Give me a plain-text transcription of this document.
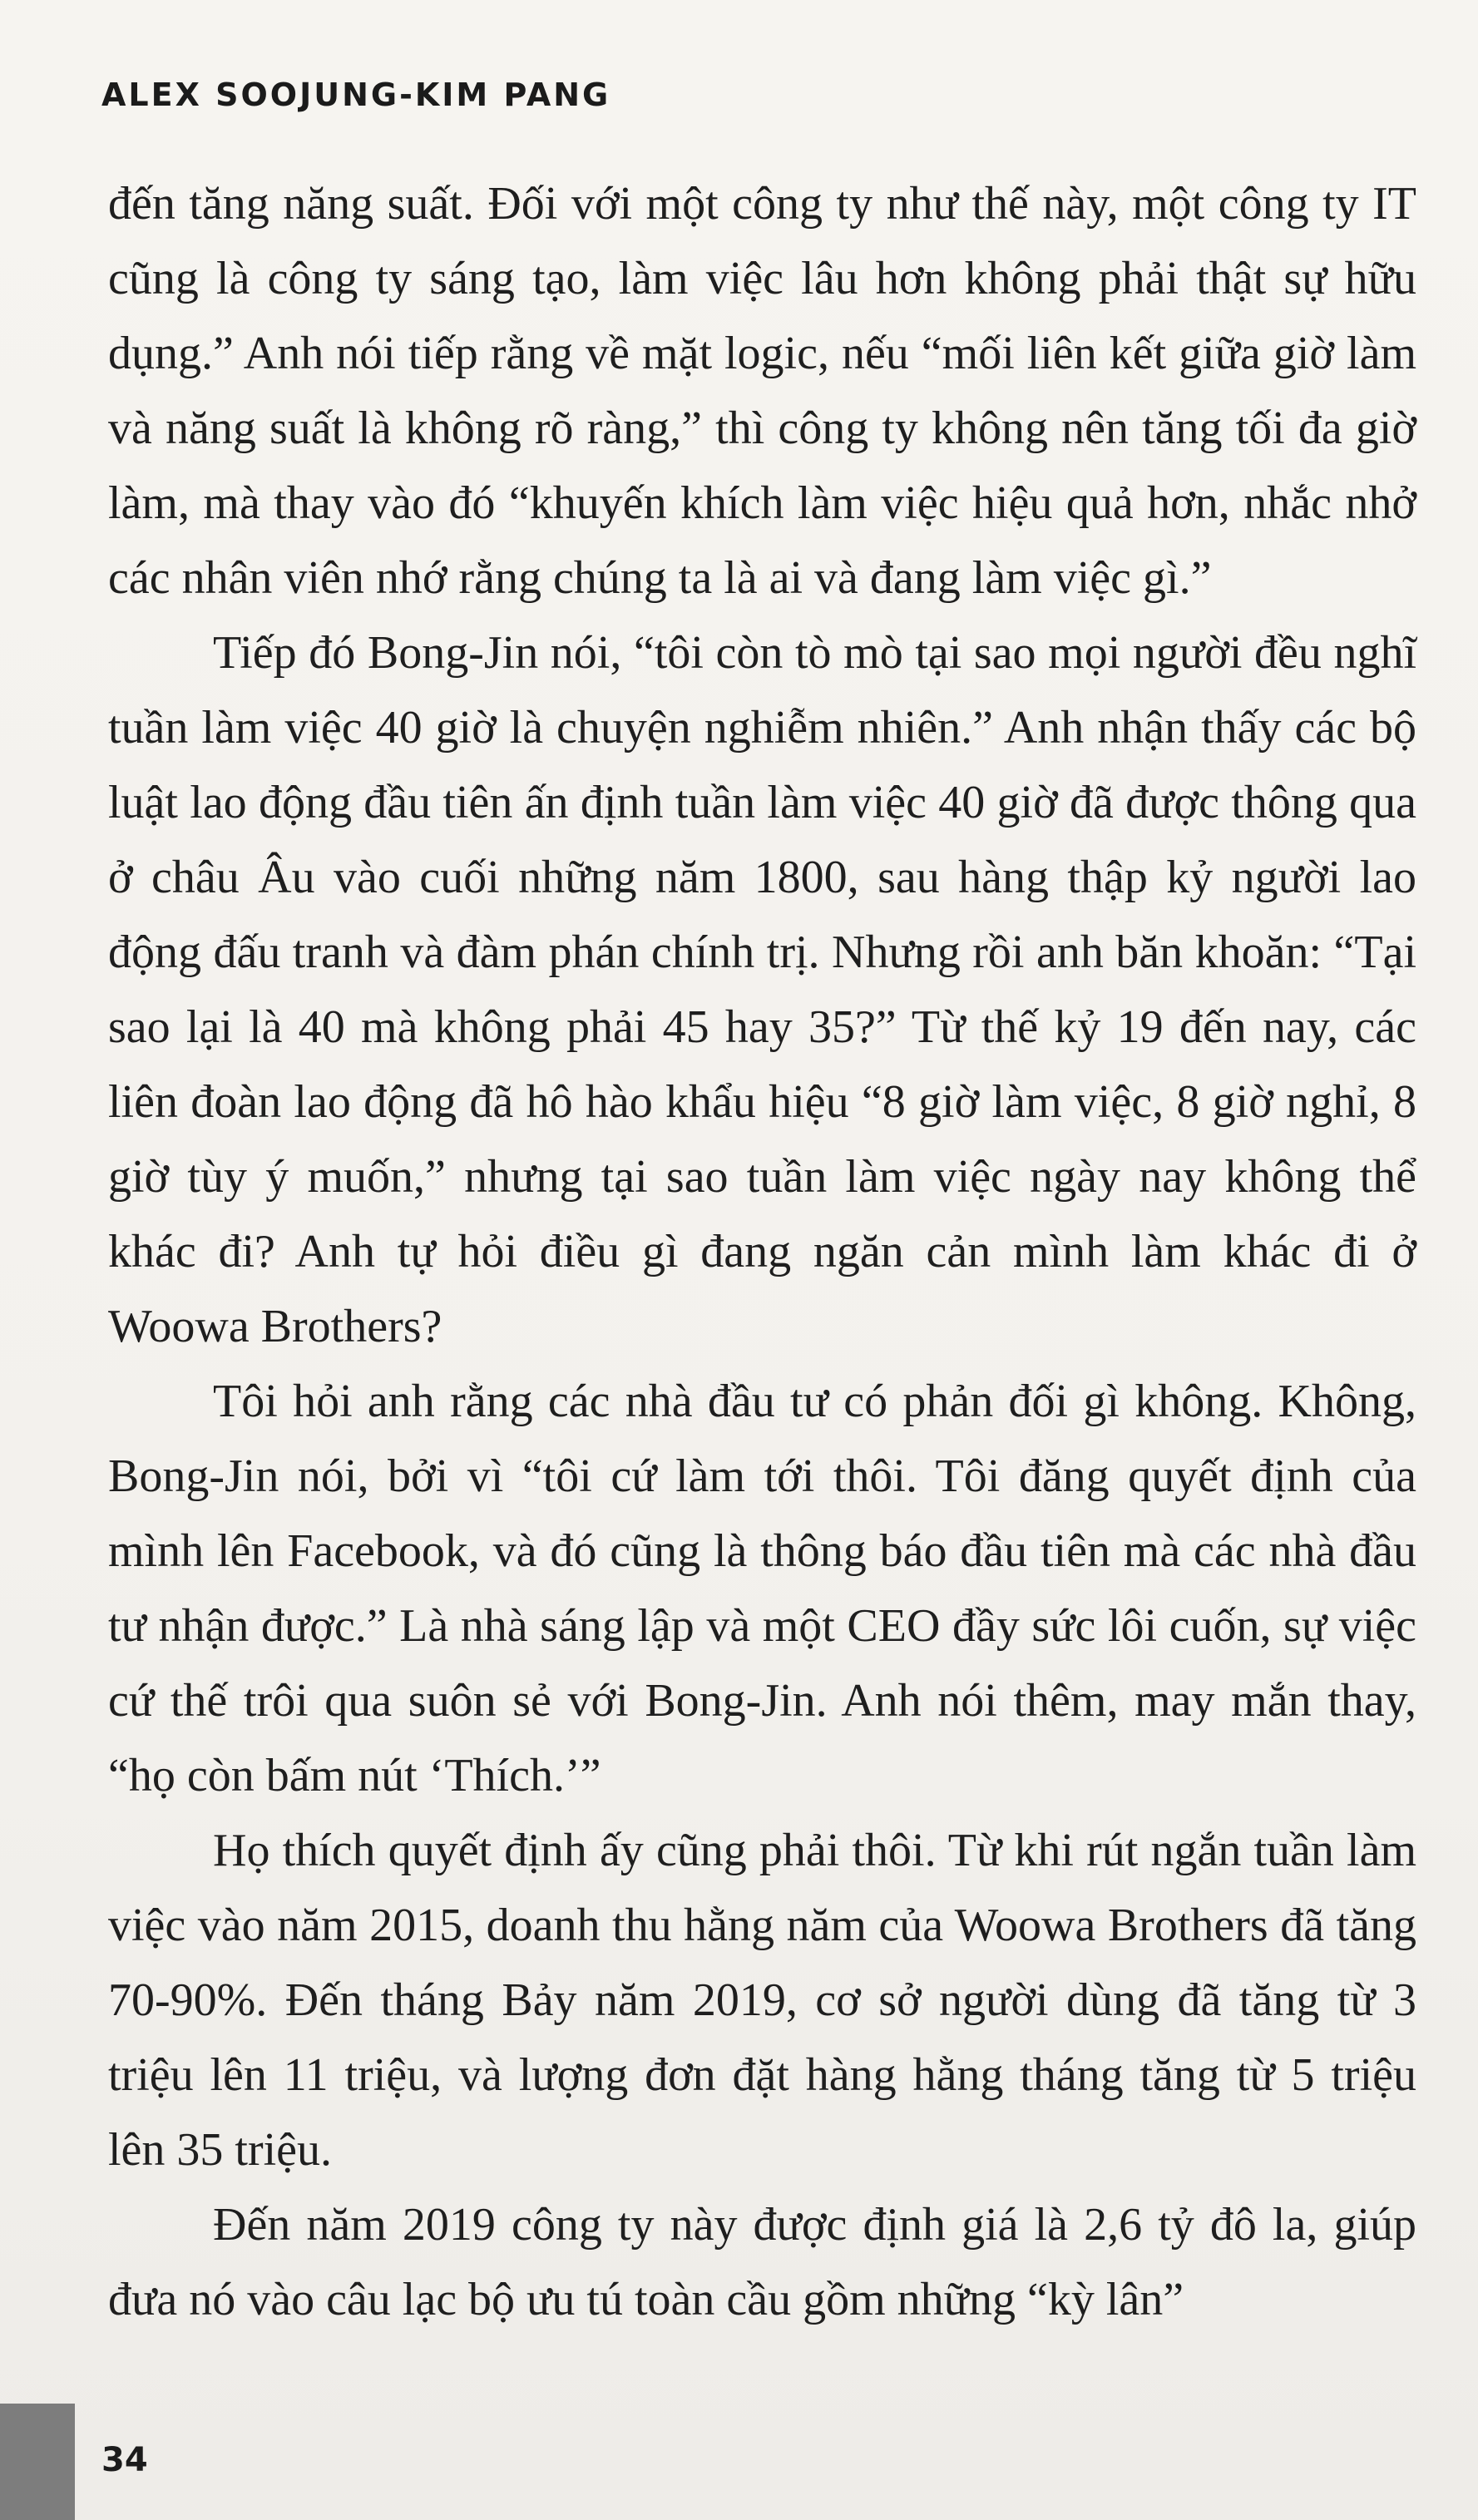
ALEX SOOJUNG-KIM PANG

đến tăng năng suất. Đối với một công ty như thế này, một công ty IT cũng là công ty sáng tạo, làm việc lâu hơn không phải thật sự hữu dụng.” Anh nói tiếp rằng về mặt logic, nếu “mối liên kết giữa giờ làm và năng suất là không rõ ràng,” thì công ty không nên tăng tối đa giờ làm, mà thay vào đó “khuyến khích làm việc hiệu quả hơn, nhắc nhở các nhân viên nhớ rằng chúng ta là ai và đang làm việc gì.”

Tiếp đó Bong-Jin nói, “tôi còn tò mò tại sao mọi người đều nghĩ tuần làm việc 40 giờ là chuyện nghiễm nhiên.” Anh nhận thấy các bộ luật lao động đầu tiên ấn định tuần làm việc 40 giờ đã được thông qua ở châu Âu vào cuối những năm 1800, sau hàng thập kỷ người lao động đấu tranh và đàm phán chính trị. Nhưng rồi anh băn khoăn: “Tại sao lại là 40 mà không phải 45 hay 35?” Từ thế kỷ 19 đến nay, các liên đoàn lao động đã hô hào khẩu hiệu “8 giờ làm việc, 8 giờ nghỉ, 8 giờ tùy ý muốn,” nhưng tại sao tuần làm việc ngày nay không thể khác đi? Anh tự hỏi điều gì đang ngăn cản mình làm khác đi ở Woowa Brothers?

Tôi hỏi anh rằng các nhà đầu tư có phản đối gì không. Không, Bong-Jin nói, bởi vì “tôi cứ làm tới thôi. Tôi đăng quyết định của mình lên Facebook, và đó cũng là thông báo đầu tiên mà các nhà đầu tư nhận được.” Là nhà sáng lập và một CEO đầy sức lôi cuốn, sự việc cứ thế trôi qua suôn sẻ với Bong-Jin. Anh nói thêm, may mắn thay, “họ còn bấm nút ‘Thích.’”

Họ thích quyết định ấy cũng phải thôi. Từ khi rút ngắn tuần làm việc vào năm 2015, doanh thu hằng năm của Woowa Brothers đã tăng 70-90%. Đến tháng Bảy năm 2019, cơ sở người dùng đã tăng từ 3 triệu lên 11 triệu, và lượng đơn đặt hàng hằng tháng tăng từ 5 triệu lên 35 triệu.

Đến năm 2019 công ty này được định giá là 2,6 tỷ đô la, giúp đưa nó vào câu lạc bộ ưu tú toàn cầu gồm những “kỳ lân”

34
